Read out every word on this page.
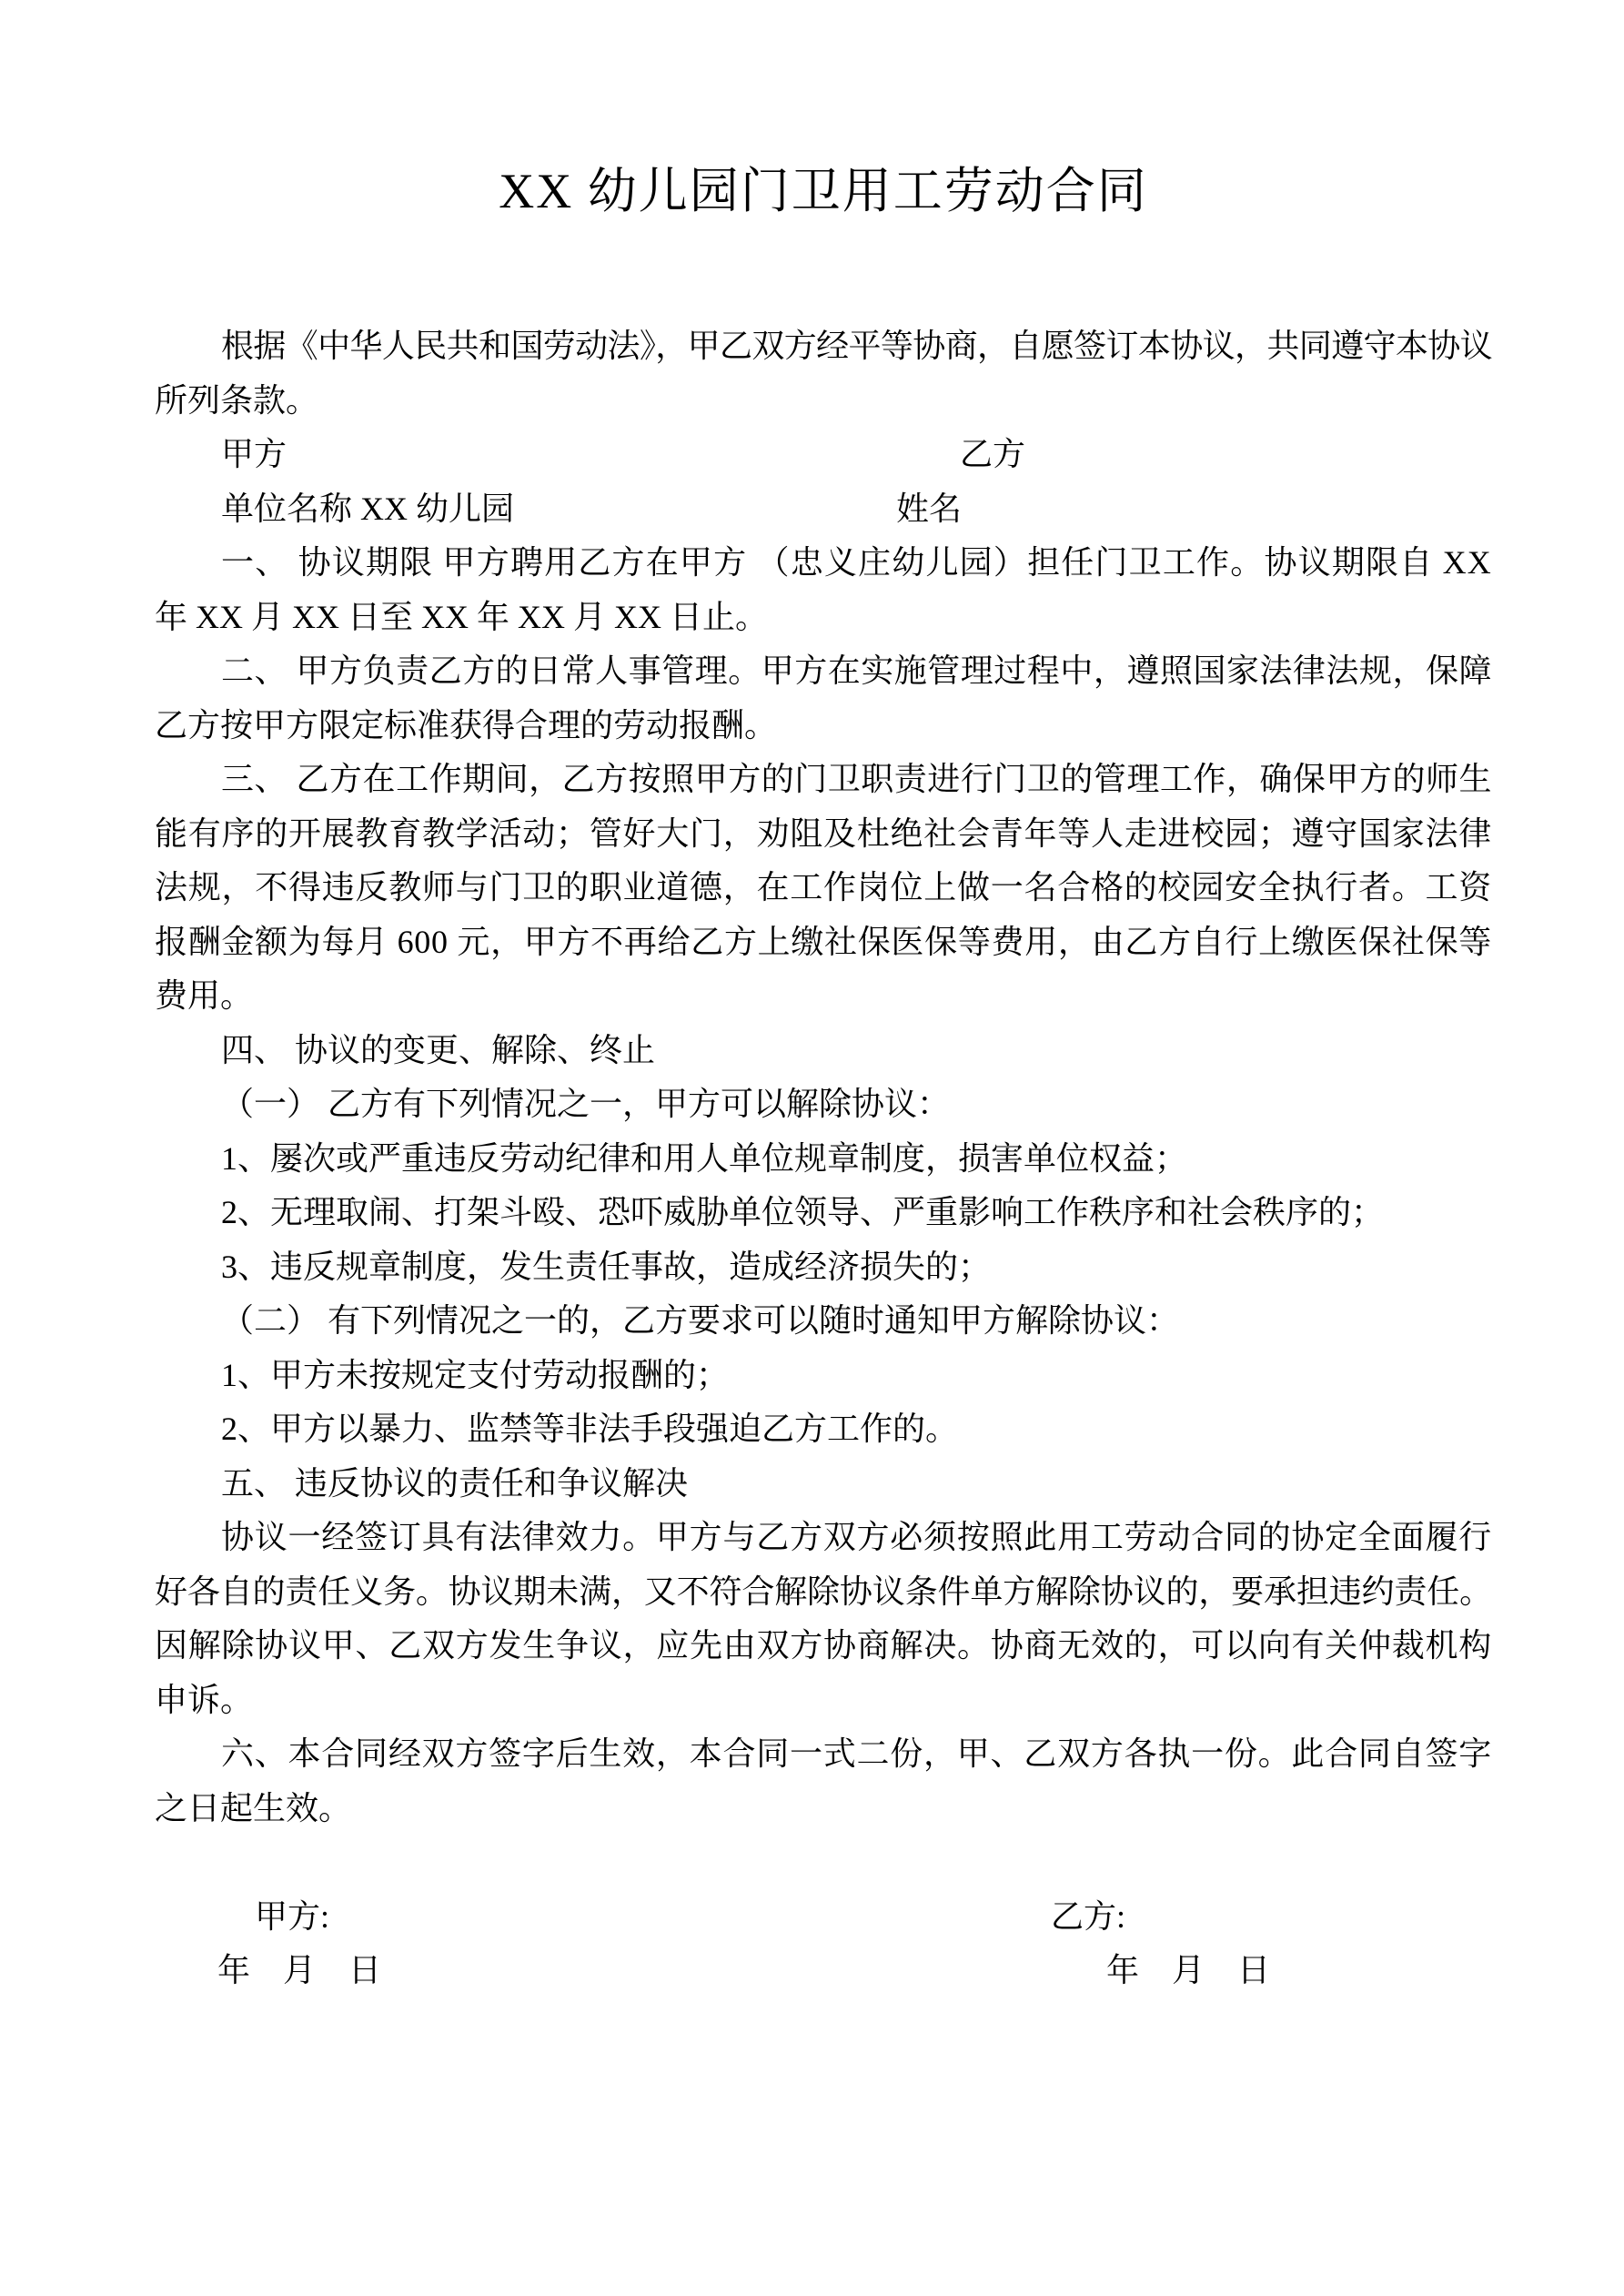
XX 幼儿园门卫用工劳动合同
根据《中华人民共和国劳动法》，甲乙双方经平等协商，自愿签订本协议，共同遵守本协议
所列条款。
甲方	乙方
单位名称 XX 幼儿园	姓名
一、 协议期限 甲方聘用乙方在甲方 （忠义庄幼儿园）担任门卫工作。协议期限自 XX
年 XX 月 XX 日至 XX 年 XX 月 XX 日止。
二、 甲方负责乙方的日常人事管理。甲方在实施管理过程中，遵照国家法律法规，保障
乙方按甲方限定标准获得合理的劳动报酬。
三、 乙方在工作期间，乙方按照甲方的门卫职责进行门卫的管理工作，确保甲方的师生
能有序的开展教育教学活动；管好大门，劝阻及杜绝社会青年等人走进校园；遵守国家法律
法规，不得违反教师与门卫的职业道德，在工作岗位上做一名合格的校园安全执行者。工资
报酬金额为每月 600 元，甲方不再给乙方上缴社保医保等费用，由乙方自行上缴医保社保等
费用。
四、 协议的变更、解除、终止
（一） 乙方有下列情况之一，甲方可以解除协议：
1、屡次或严重违反劳动纪律和用人单位规章制度，损害单位权益；
2、无理取闹、打架斗殴、恐吓威胁单位领导、严重影响工作秩序和社会秩序的；
3、违反规章制度，发生责任事故，造成经济损失的；
（二） 有下列情况之一的，乙方要求可以随时通知甲方解除协议：
1、甲方未按规定支付劳动报酬的；
2、甲方以暴力、监禁等非法手段强迫乙方工作的。
五、 违反协议的责任和争议解决
协议一经签订具有法律效力。甲方与乙方双方必须按照此用工劳动合同的协定全面履行
好各自的责任义务。协议期未满，又不符合解除协议条件单方解除协议的，要承担违约责任。
因解除协议甲、乙双方发生争议，应先由双方协商解决。协商无效的，可以向有关仲裁机构
申诉。
六、本合同经双方签字后生效，本合同一式二份，甲、乙双方各执一份。此合同自签字
之日起生效。
甲方:	乙方:
年　月　日	年　月　日
